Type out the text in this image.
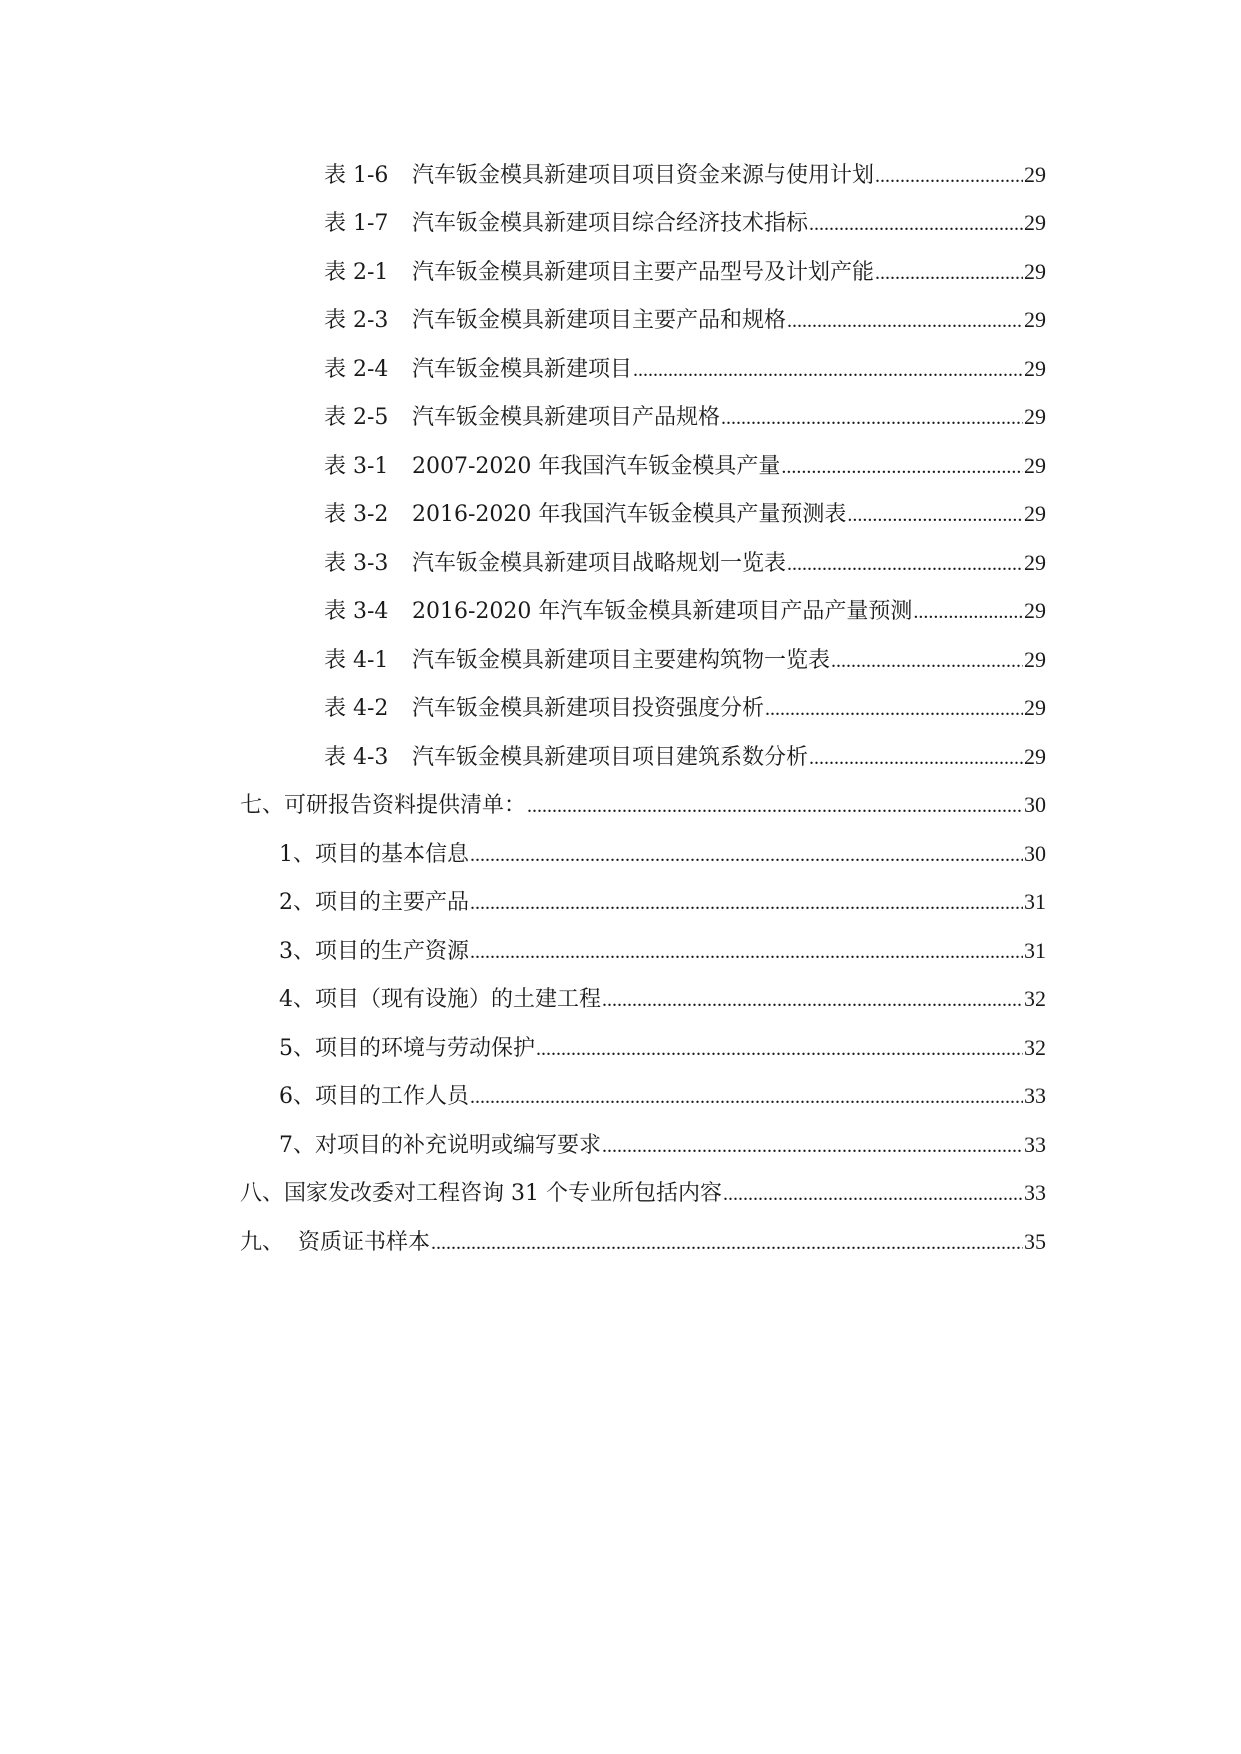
表 1-6	汽车钣金模具新建项目项目资金来源与使用计划 .....	29
表 1-7	汽车钣金模具新建项目综合经济技术指标 .....	29
表 2-1	汽车钣金模具新建项目主要产品型号及计划产能 .....	29
表 2-3	汽车钣金模具新建项目主要产品和规格 .....	29
表 2-4	汽车钣金模具新建项目 .....	29
表 2-5	汽车钣金模具新建项目产品规格 .....	29
表 3-1	2007-2020 年我国汽车钣金模具产量 .....	29
表 3-2	2016-2020 年我国汽车钣金模具产量预测表 .....	29
表 3-3	汽车钣金模具新建项目战略规划一览表 .....	29
表 3-4	2016-2020 年汽车钣金模具新建项目产品产量预测 .....	29
表 4-1	汽车钣金模具新建项目主要建构筑物一览表 .....	29
表 4-2	汽车钣金模具新建项目投资强度分析 .....	29
表 4-3	汽车钣金模具新建项目项目建筑系数分析 .....	29
七、可研报告资料提供清单： .....	30
1、项目的基本信息 .....	30
2、项目的主要产品 .....	31
3、项目的生产资源 .....	31
4、项目（现有设施）的土建工程 .....	32
5、项目的环境与劳动保护 .....	32
6、项目的工作人员 .....	33
7、对项目的补充说明或编写要求 .....	33
八、国家发改委对工程咨询 31 个专业所包括内容 .....	33
九、  资质证书样本 .....	35
